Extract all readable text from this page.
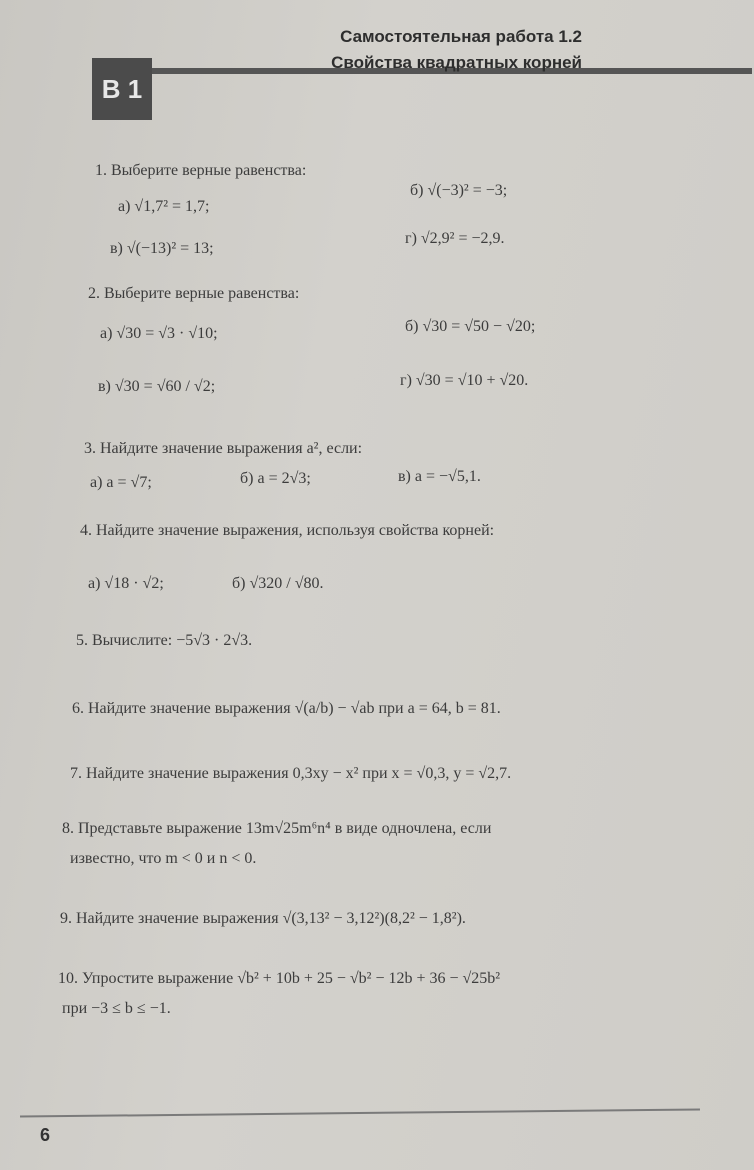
В 1
Самостоятельная работа 1.2
Свойства квадратных корней
1. Выберите верные равенства:
а) √1,7² = 1,7;
б) √(−3)² = −3;
в) √(−13)² = 13;
г) √2,9² = −2,9.
2. Выберите верные равенства:
а) √30 = √3 · √10;	б) √30 = √50 − √20;
в) √30 = √60 / √2;	г) √30 = √10 + √20.
3. Найдите значение выражения a², если:
а) a = √7;	б) a = 2√3;	в) a = −√5,1.
4. Найдите значение выражения, используя свойства корней:
а) √18 · √2;	б) √320 / √80.
5. Вычислите: −5√3 · 2√3.
6. Найдите значение выражения √(a/b) − √ab при a = 64, b = 81.
7. Найдите значение выражения 0,3xy − x² при x = √0,3, y = √2,7.
8. Представьте выражение 13m√25m⁶n⁴ в виде одночлена, если
известно, что m < 0 и n < 0.
9. Найдите значение выражения √(3,13² − 3,12²)(8,2² − 1,8²).
10. Упростите выражение √b² + 10b + 25 − √b² − 12b + 36 − √25b²
при −3 ≤ b ≤ −1.
6
